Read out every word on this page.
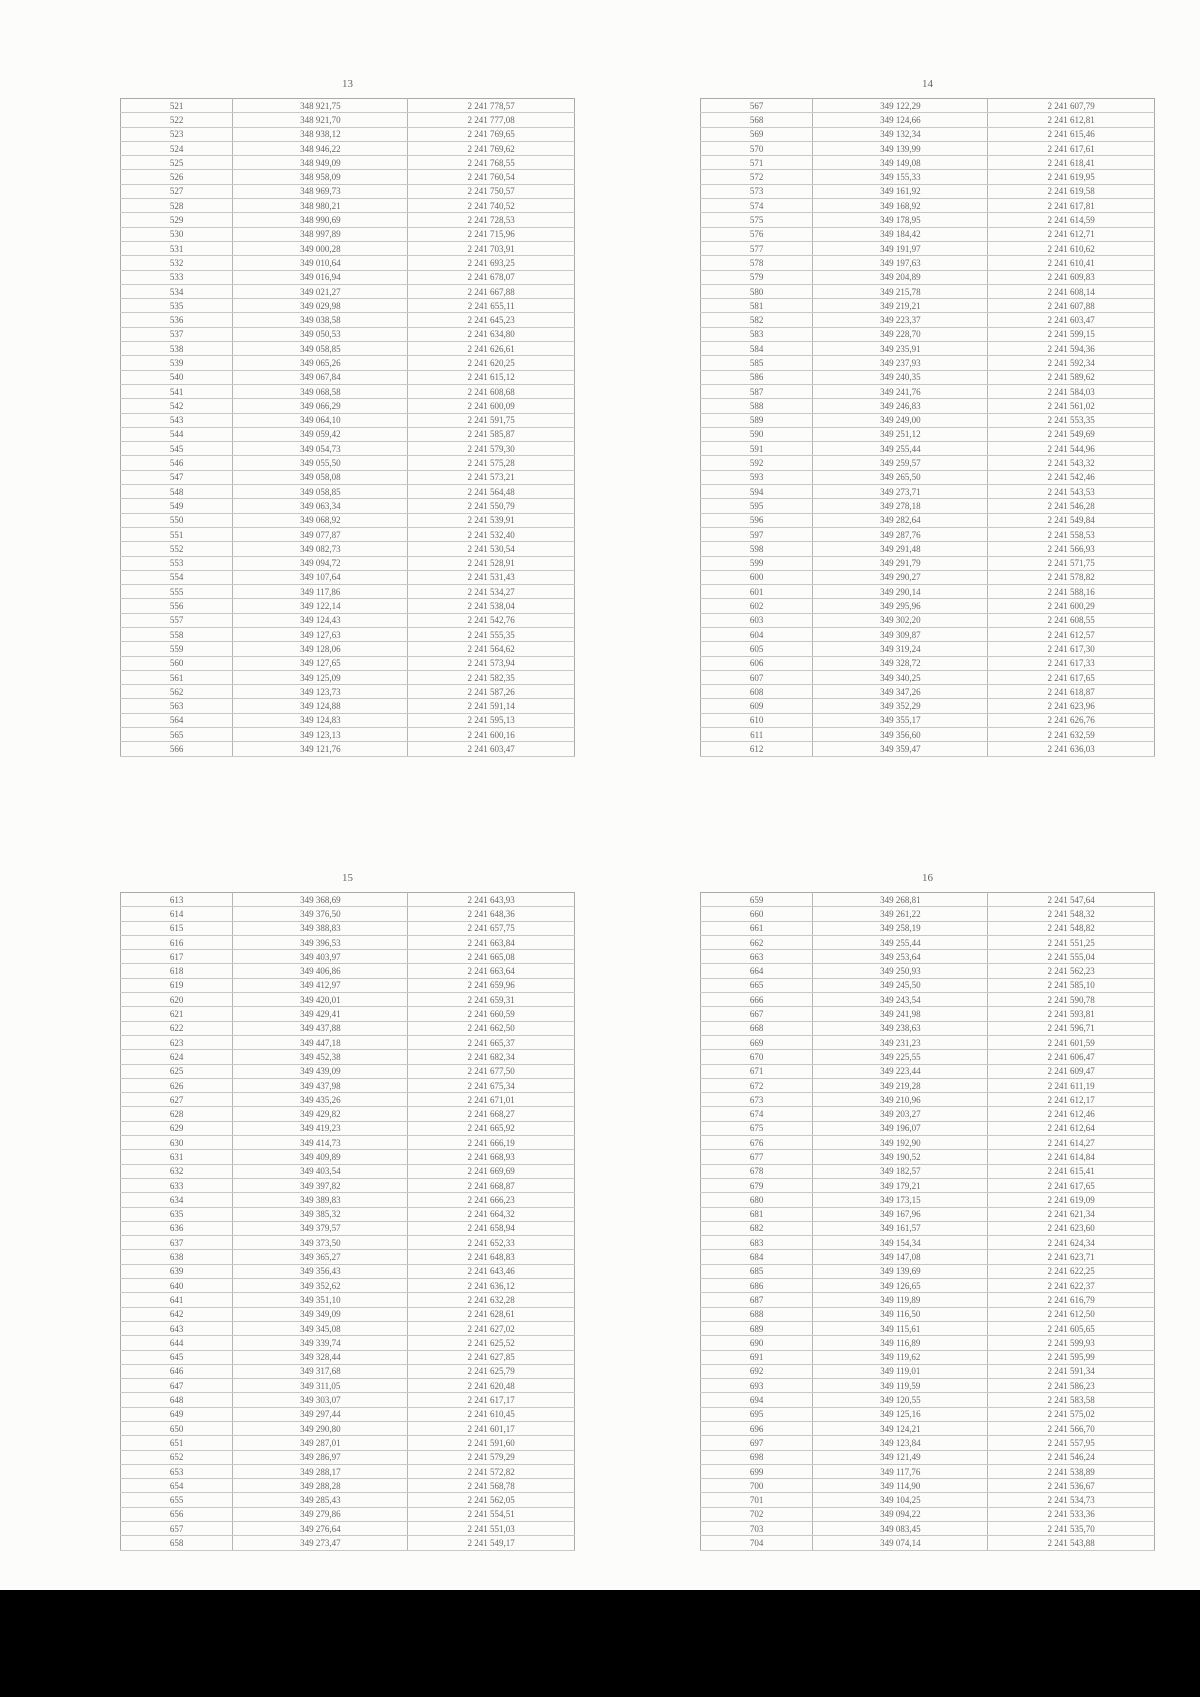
13
521	348 921,75	2 241 778,57
522	348 921,70	2 241 777,08
523	348 938,12	2 241 769,65
524	348 946,22	2 241 769,62
525	348 949,09	2 241 768,55
526	348 958,09	2 241 760,54
527	348 969,73	2 241 750,57
528	348 980,21	2 241 740,52
529	348 990,69	2 241 728,53
530	348 997,89	2 241 715,96
531	349 000,28	2 241 703,91
532	349 010,64	2 241 693,25
533	349 016,94	2 241 678,07
534	349 021,27	2 241 667,88
535	349 029,98	2 241 655,11
536	349 038,58	2 241 645,23
537	349 050,53	2 241 634,80
538	349 058,85	2 241 626,61
539	349 065,26	2 241 620,25
540	349 067,84	2 241 615,12
541	349 068,58	2 241 608,68
542	349 066,29	2 241 600,09
543	349 064,10	2 241 591,75
544	349 059,42	2 241 585,87
545	349 054,73	2 241 579,30
546	349 055,50	2 241 575,28
547	349 058,08	2 241 573,21
548	349 058,85	2 241 564,48
549	349 063,34	2 241 550,79
550	349 068,92	2 241 539,91
551	349 077,87	2 241 532,40
552	349 082,73	2 241 530,54
553	349 094,72	2 241 528,91
554	349 107,64	2 241 531,43
555	349 117,86	2 241 534,27
556	349 122,14	2 241 538,04
557	349 124,43	2 241 542,76
558	349 127,63	2 241 555,35
559	349 128,06	2 241 564,62
560	349 127,65	2 241 573,94
561	349 125,09	2 241 582,35
562	349 123,73	2 241 587,26
563	349 124,88	2 241 591,14
564	349 124,83	2 241 595,13
565	349 123,13	2 241 600,16
566	349 121,76	2 241 603,47
14
567	349 122,29	2 241 607,79
568	349 124,66	2 241 612,81
569	349 132,34	2 241 615,46
570	349 139,99	2 241 617,61
571	349 149,08	2 241 618,41
572	349 155,33	2 241 619,95
573	349 161,92	2 241 619,58
574	349 168,92	2 241 617,81
575	349 178,95	2 241 614,59
576	349 184,42	2 241 612,71
577	349 191,97	2 241 610,62
578	349 197,63	2 241 610,41
579	349 204,89	2 241 609,83
580	349 215,78	2 241 608,14
581	349 219,21	2 241 607,88
582	349 223,37	2 241 603,47
583	349 228,70	2 241 599,15
584	349 235,91	2 241 594,36
585	349 237,93	2 241 592,34
586	349 240,35	2 241 589,62
587	349 241,76	2 241 584,03
588	349 246,83	2 241 561,02
589	349 249,00	2 241 553,35
590	349 251,12	2 241 549,69
591	349 255,44	2 241 544,96
592	349 259,57	2 241 543,32
593	349 265,50	2 241 542,46
594	349 273,71	2 241 543,53
595	349 278,18	2 241 546,28
596	349 282,64	2 241 549,84
597	349 287,76	2 241 558,53
598	349 291,48	2 241 566,93
599	349 291,79	2 241 571,75
600	349 290,27	2 241 578,82
601	349 290,14	2 241 588,16
602	349 295,96	2 241 600,29
603	349 302,20	2 241 608,55
604	349 309,87	2 241 612,57
605	349 319,24	2 241 617,30
606	349 328,72	2 241 617,33
607	349 340,25	2 241 617,65
608	349 347,26	2 241 618,87
609	349 352,29	2 241 623,96
610	349 355,17	2 241 626,76
611	349 356,60	2 241 632,59
612	349 359,47	2 241 636,03
15
613	349 368,69	2 241 643,93
614	349 376,50	2 241 648,36
615	349 388,83	2 241 657,75
616	349 396,53	2 241 663,84
617	349 403,97	2 241 665,08
618	349 406,86	2 241 663,64
619	349 412,97	2 241 659,96
620	349 420,01	2 241 659,31
621	349 429,41	2 241 660,59
622	349 437,88	2 241 662,50
623	349 447,18	2 241 665,37
624	349 452,38	2 241 682,34
625	349 439,09	2 241 677,50
626	349 437,98	2 241 675,34
627	349 435,26	2 241 671,01
628	349 429,82	2 241 668,27
629	349 419,23	2 241 665,92
630	349 414,73	2 241 666,19
631	349 409,89	2 241 668,93
632	349 403,54	2 241 669,69
633	349 397,82	2 241 668,87
634	349 389,83	2 241 666,23
635	349 385,32	2 241 664,32
636	349 379,57	2 241 658,94
637	349 373,50	2 241 652,33
638	349 365,27	2 241 648,83
639	349 356,43	2 241 643,46
640	349 352,62	2 241 636,12
641	349 351,10	2 241 632,28
642	349 349,09	2 241 628,61
643	349 345,08	2 241 627,02
644	349 339,74	2 241 625,52
645	349 328,44	2 241 627,85
646	349 317,68	2 241 625,79
647	349 311,05	2 241 620,48
648	349 303,07	2 241 617,17
649	349 297,44	2 241 610,45
650	349 290,80	2 241 601,17
651	349 287,01	2 241 591,60
652	349 286,97	2 241 579,29
653	349 288,17	2 241 572,82
654	349 288,28	2 241 568,78
655	349 285,43	2 241 562,05
656	349 279,86	2 241 554,51
657	349 276,64	2 241 551,03
658	349 273,47	2 241 549,17
16
659	349 268,81	2 241 547,64
660	349 261,22	2 241 548,32
661	349 258,19	2 241 548,82
662	349 255,44	2 241 551,25
663	349 253,64	2 241 555,04
664	349 250,93	2 241 562,23
665	349 245,50	2 241 585,10
666	349 243,54	2 241 590,78
667	349 241,98	2 241 593,81
668	349 238,63	2 241 596,71
669	349 231,23	2 241 601,59
670	349 225,55	2 241 606,47
671	349 223,44	2 241 609,47
672	349 219,28	2 241 611,19
673	349 210,96	2 241 612,17
674	349 203,27	2 241 612,46
675	349 196,07	2 241 612,64
676	349 192,90	2 241 614,27
677	349 190,52	2 241 614,84
678	349 182,57	2 241 615,41
679	349 179,21	2 241 617,65
680	349 173,15	2 241 619,09
681	349 167,96	2 241 621,34
682	349 161,57	2 241 623,60
683	349 154,34	2 241 624,34
684	349 147,08	2 241 623,71
685	349 139,69	2 241 622,25
686	349 126,65	2 241 622,37
687	349 119,89	2 241 616,79
688	349 116,50	2 241 612,50
689	349 115,61	2 241 605,65
690	349 116,89	2 241 599,93
691	349 119,62	2 241 595,99
692	349 119,01	2 241 591,34
693	349 119,59	2 241 586,23
694	349 120,55	2 241 583,58
695	349 125,16	2 241 575,02
696	349 124,21	2 241 566,70
697	349 123,84	2 241 557,95
698	349 121,49	2 241 546,24
699	349 117,76	2 241 538,89
700	349 114,90	2 241 536,67
701	349 104,25	2 241 534,73
702	349 094,22	2 241 533,36
703	349 083,45	2 241 535,70
704	349 074,14	2 241 543,88
